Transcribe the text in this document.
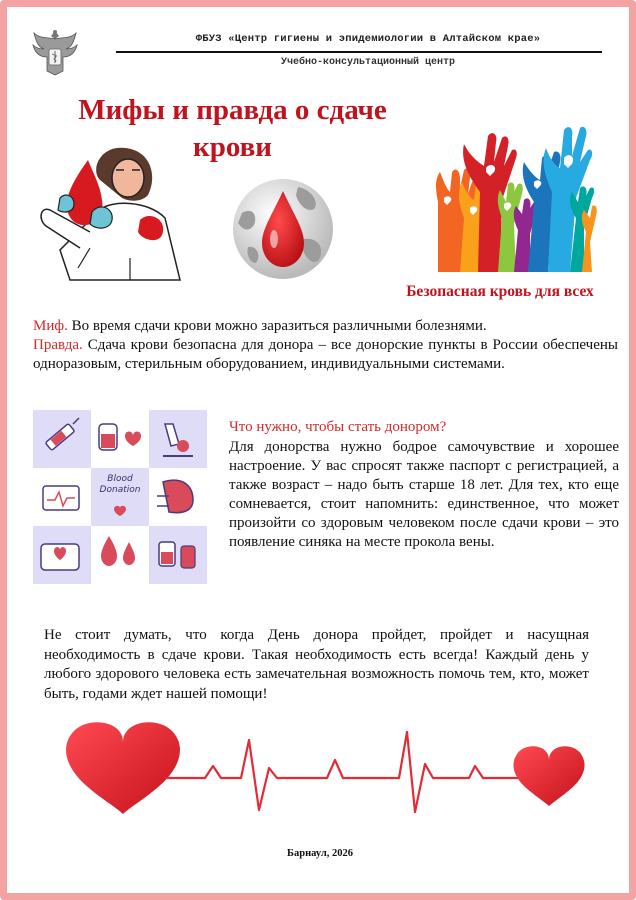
ФБУЗ «Центр гигиены и эпидемиологии в Алтайском крае»
Учебно-консультационный центр
Мифы и правда о сдаче крови
Безопасная кровь для всех
Миф. Во время сдачи крови можно заразиться различными болезнями.
Правда. Сдача крови безопасна для донора – все донорские пункты в России обеспечены одноразовым, стерильным оборудованием, индивидуальными системами.
Blood Donation
Что нужно, чтобы стать донором?
Для донорства нужно бодрое самочувствие и хорошее настроение. У вас спросят также паспорт с регистрацией, а также возраст – надо быть старше 18 лет. Для тех, кто еще сомневается, стоит напомнить: единственное, что может произойти со здоровым человеком после сдачи крови – это появление синяка на месте прокола вены.
Не стоит думать, что когда День донора пройдет, пройдет и насущная необходимость в сдаче крови. Такая необходимость есть всегда! Каждый день у любого здорового человека есть замечательная возможность помочь тем, кто, может быть, годами ждет нашей помощи!
Барнаул, 2026
